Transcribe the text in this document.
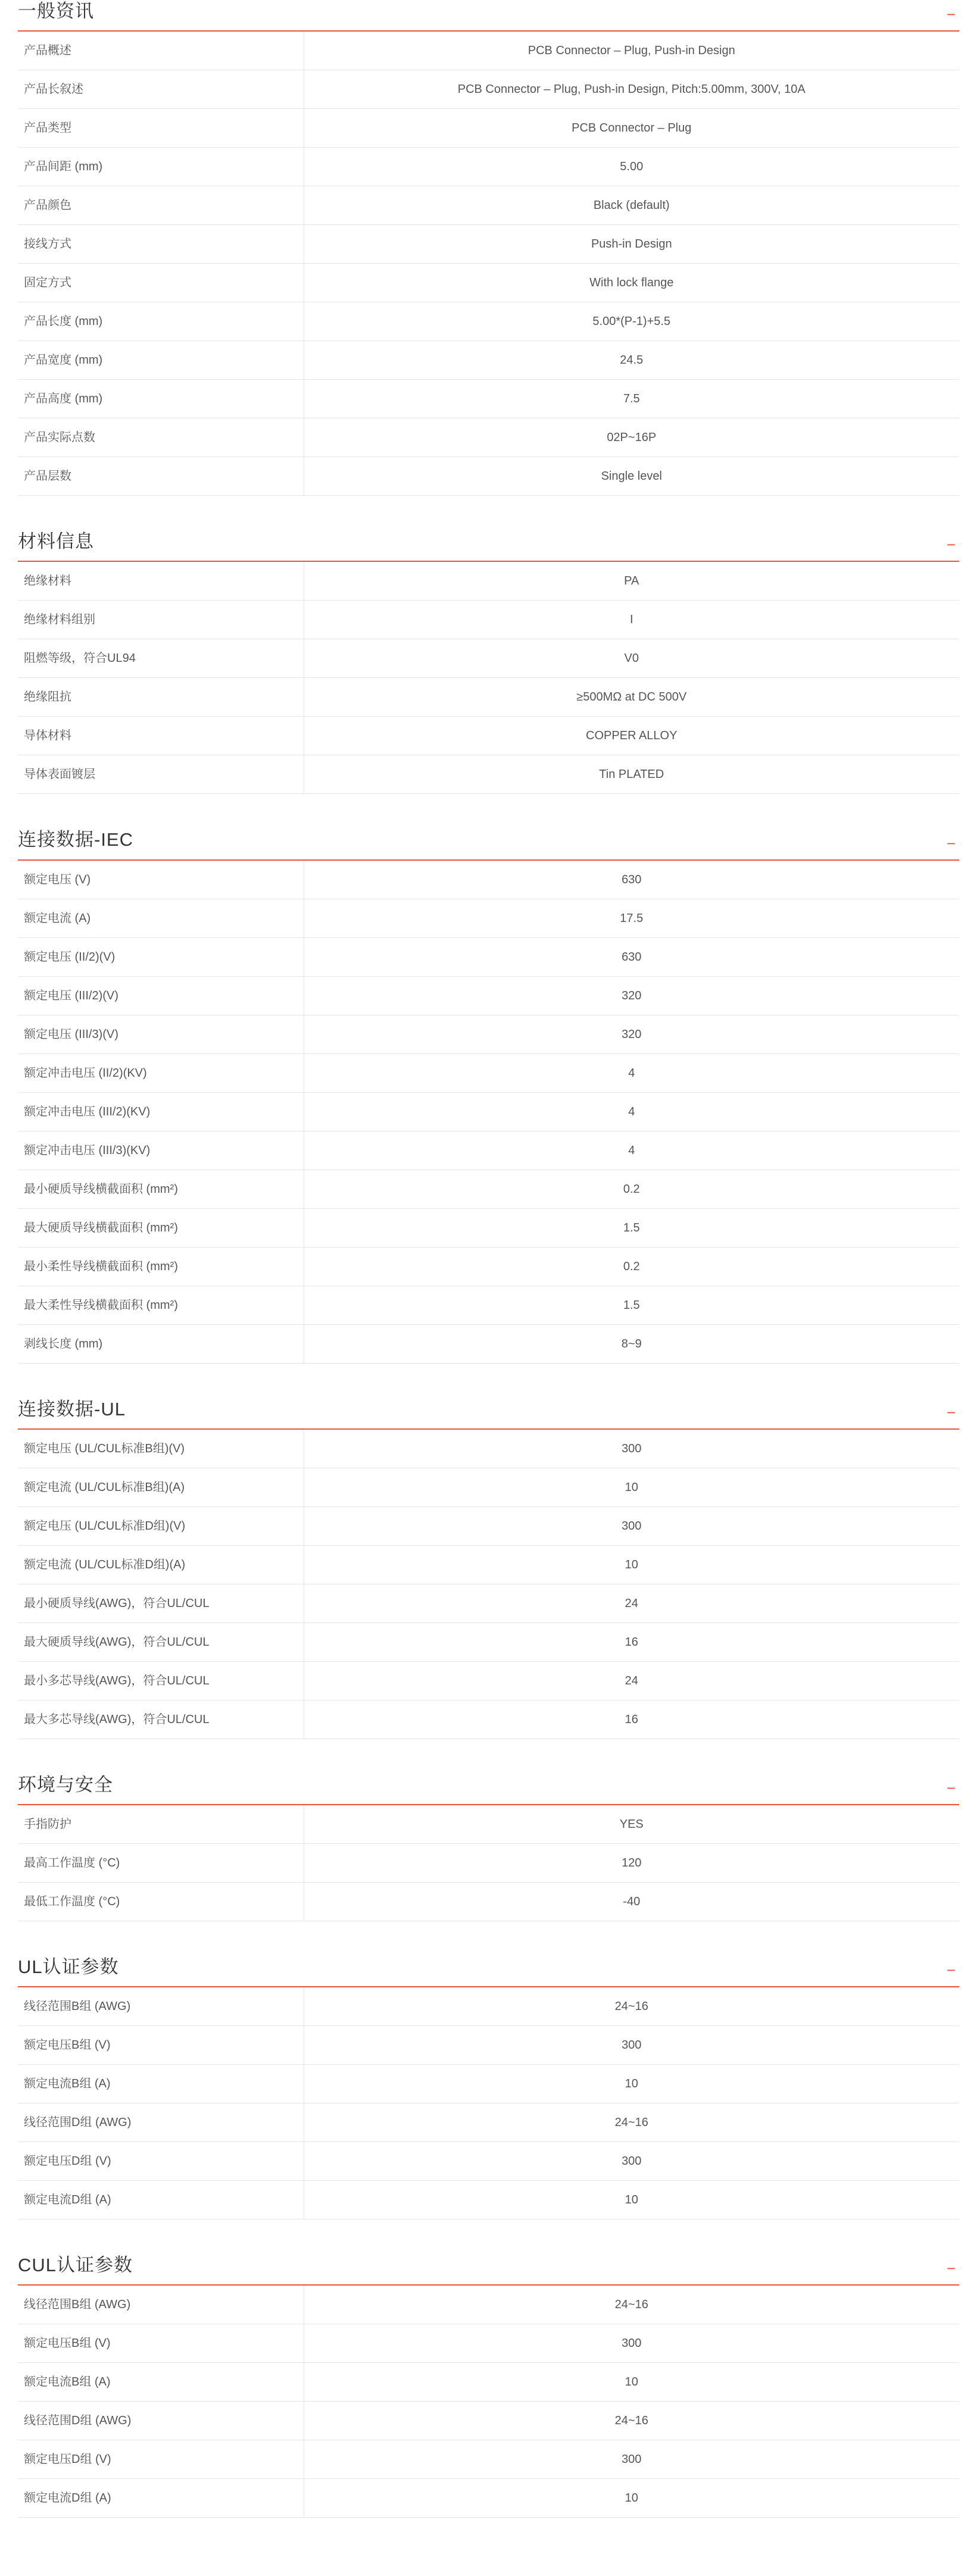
一般资讯	−
产品概述	PCB Connector – Plug, Push-in Design
产品长叙述	PCB Connector – Plug, Push-in Design, Pitch:5.00mm, 300V, 10A
产品类型	PCB Connector – Plug
产品间距 (mm)	5.00
产品颜色	Black (default)
接线方式	Push-in Design
固定方式	With lock flange
产品长度 (mm)	5.00*(P-1)+5.5
产品宽度 (mm)	24.5
产品高度 (mm)	7.5
产品实际点数	02P~16P
产品层数	Single level
材料信息	−
绝缘材料	PA
绝缘材料组别	I
阻燃等级，符合UL94	V0
绝缘阻抗	≥500MΩ at DC 500V
导体材料	COPPER ALLOY
导体表面镀层	Tin PLATED
连接数据-IEC	−
额定电压 (V)	630
额定电流 (A)	17.5
额定电压 (II/2)(V)	630
额定电压 (III/2)(V)	320
额定电压 (III/3)(V)	320
额定冲击电压 (II/2)(KV)	4
额定冲击电压 (III/2)(KV)	4
额定冲击电压 (III/3)(KV)	4
最小硬质导线横截面积 (mm²)	0.2
最大硬质导线横截面积 (mm²)	1.5
最小柔性导线横截面积 (mm²)	0.2
最大柔性导线横截面积 (mm²)	1.5
剥线长度 (mm)	8~9
连接数据-UL	−
额定电压 (UL/CUL标准B组)(V)	300
额定电流 (UL/CUL标准B组)(A)	10
额定电压 (UL/CUL标准D组)(V)	300
额定电流 (UL/CUL标准D组)(A)	10
最小硬质导线(AWG)，符合UL/CUL	24
最大硬质导线(AWG)，符合UL/CUL	16
最小多芯导线(AWG)，符合UL/CUL	24
最大多芯导线(AWG)，符合UL/CUL	16
环境与安全	−
手指防护	YES
最高工作温度 (°C)	120
最低工作温度 (°C)	-40
UL认证参数	−
线径范围B组 (AWG)	24~16
额定电压B组 (V)	300
额定电流B组 (A)	10
线径范围D组 (AWG)	24~16
额定电压D组 (V)	300
额定电流D组 (A)	10
CUL认证参数	−
线径范围B组 (AWG)	24~16
额定电压B组 (V)	300
额定电流B组 (A)	10
线径范围D组 (AWG)	24~16
额定电压D组 (V)	300
额定电流D组 (A)	10
